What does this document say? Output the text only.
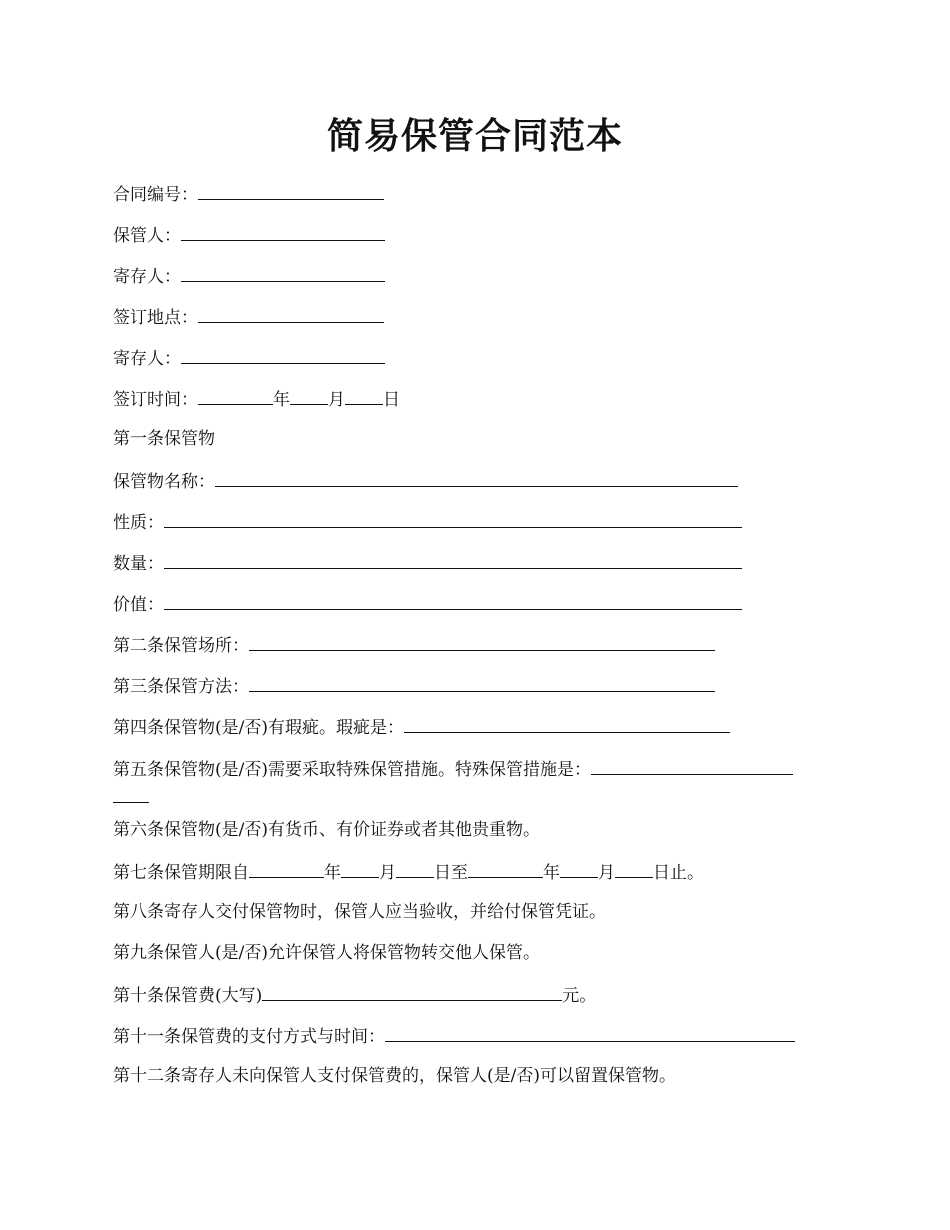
简易保管合同范本

合同编号：

保管人：

寄存人：

签订地点：

寄存人：

签订时间：	年 月 日

第一条保管物

保管物名称：

性质：

数量：

价值：

第二条保管场所：

第三条保管方法：

第四条保管物(是/否)有瑕疵。瑕疵是：

第五条保管物(是/否)需要采取特殊保管措施。特殊保管措施是：

第六条保管物(是/否)有货币、有价证券或者其他贵重物。

第七条保管期限自	年 月 日至	年 月 日止。

第八条寄存人交付保管物时，保管人应当验收，并给付保管凭证。

第九条保管人(是/否)允许保管人将保管物转交他人保管。

第十条保管费(大写)	元。

第十一条保管费的支付方式与时间：

第十二条寄存人未向保管人支付保管费的，保管人(是/否)可以留置保管物。
